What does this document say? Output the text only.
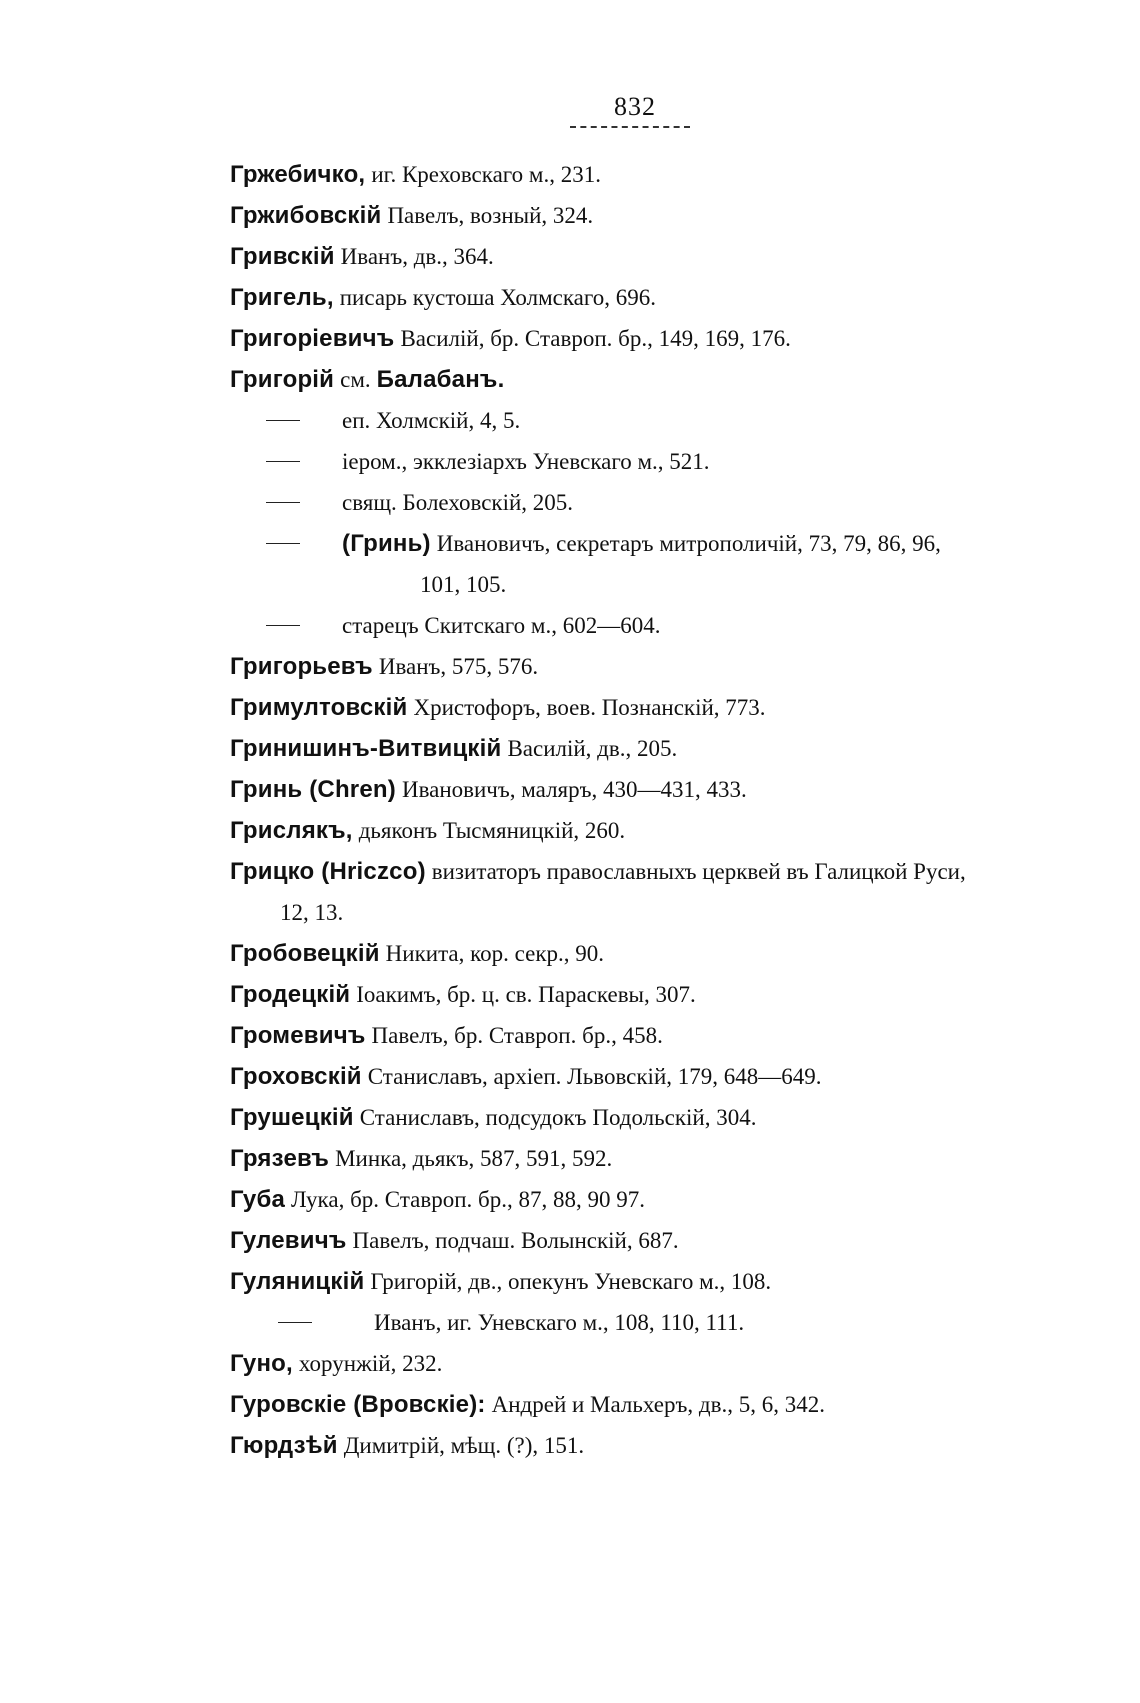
832
Гржебичко, иг. Креховскаго м., 231.
Гржибовскiй Павелъ, возный, 324.
Гривскiй Иванъ, дв., 364.
Григель, писарь кустоша Холмскаго, 696.
Григорiевичъ Василiй, бр. Ставроп. бр., 149, 169, 176.
Григорiй см. Балабанъ.
еп. Холмскiй, 4, 5.
iером., экклезiархъ Уневскаго м., 521.
свящ. Болеховскiй, 205.
(Гринь) Ивановичъ, секретаръ митрополичiй, 73, 79, 86, 96,
101, 105.
старецъ Скитскаго м., 602—604.
Григорьевъ Иванъ, 575, 576.
Гримултовскiй Христофоръ, воев. Познанскiй, 773.
Гринишинъ-Витвицкiй Василiй, дв., 205.
Гринь (Chren) Ивановичъ, маляръ, 430—431, 433.
Грислякъ, дьяконъ Тысмяницкiй, 260.
Грицко (Hriczco) визитаторъ православныхъ церквей въ Галицкой Руси,
12, 13.
Гробовецкiй Никита, кор. секр., 90.
Гродецкiй Iоакимъ, бр. ц. св. Параскевы, 307.
Громевичъ Павелъ, бр. Ставроп. бр., 458.
Гроховскiй Станиславъ, архiеп. Львовскiй, 179, 648—649.
Грушецкiй Станиславъ, подсудокъ Подольскiй, 304.
Грязевъ Минка, дьякъ, 587, 591, 592.
Губа Лука, бр. Ставроп. бр., 87, 88, 90 97.
Гулевичъ Павелъ, подчаш. Волынскiй, 687.
Гуляницкiй Григорiй, дв., опекунъ Уневскаго м., 108.
Иванъ, иг. Уневскаго м., 108, 110, 111.
Гуно, хорунжiй, 232.
Гуровскiе (Вровскiе): Андрей и Мальхеръ, дв., 5, 6, 342.
Гюрдзѣй Димитрiй, мѣщ. (?), 151.
